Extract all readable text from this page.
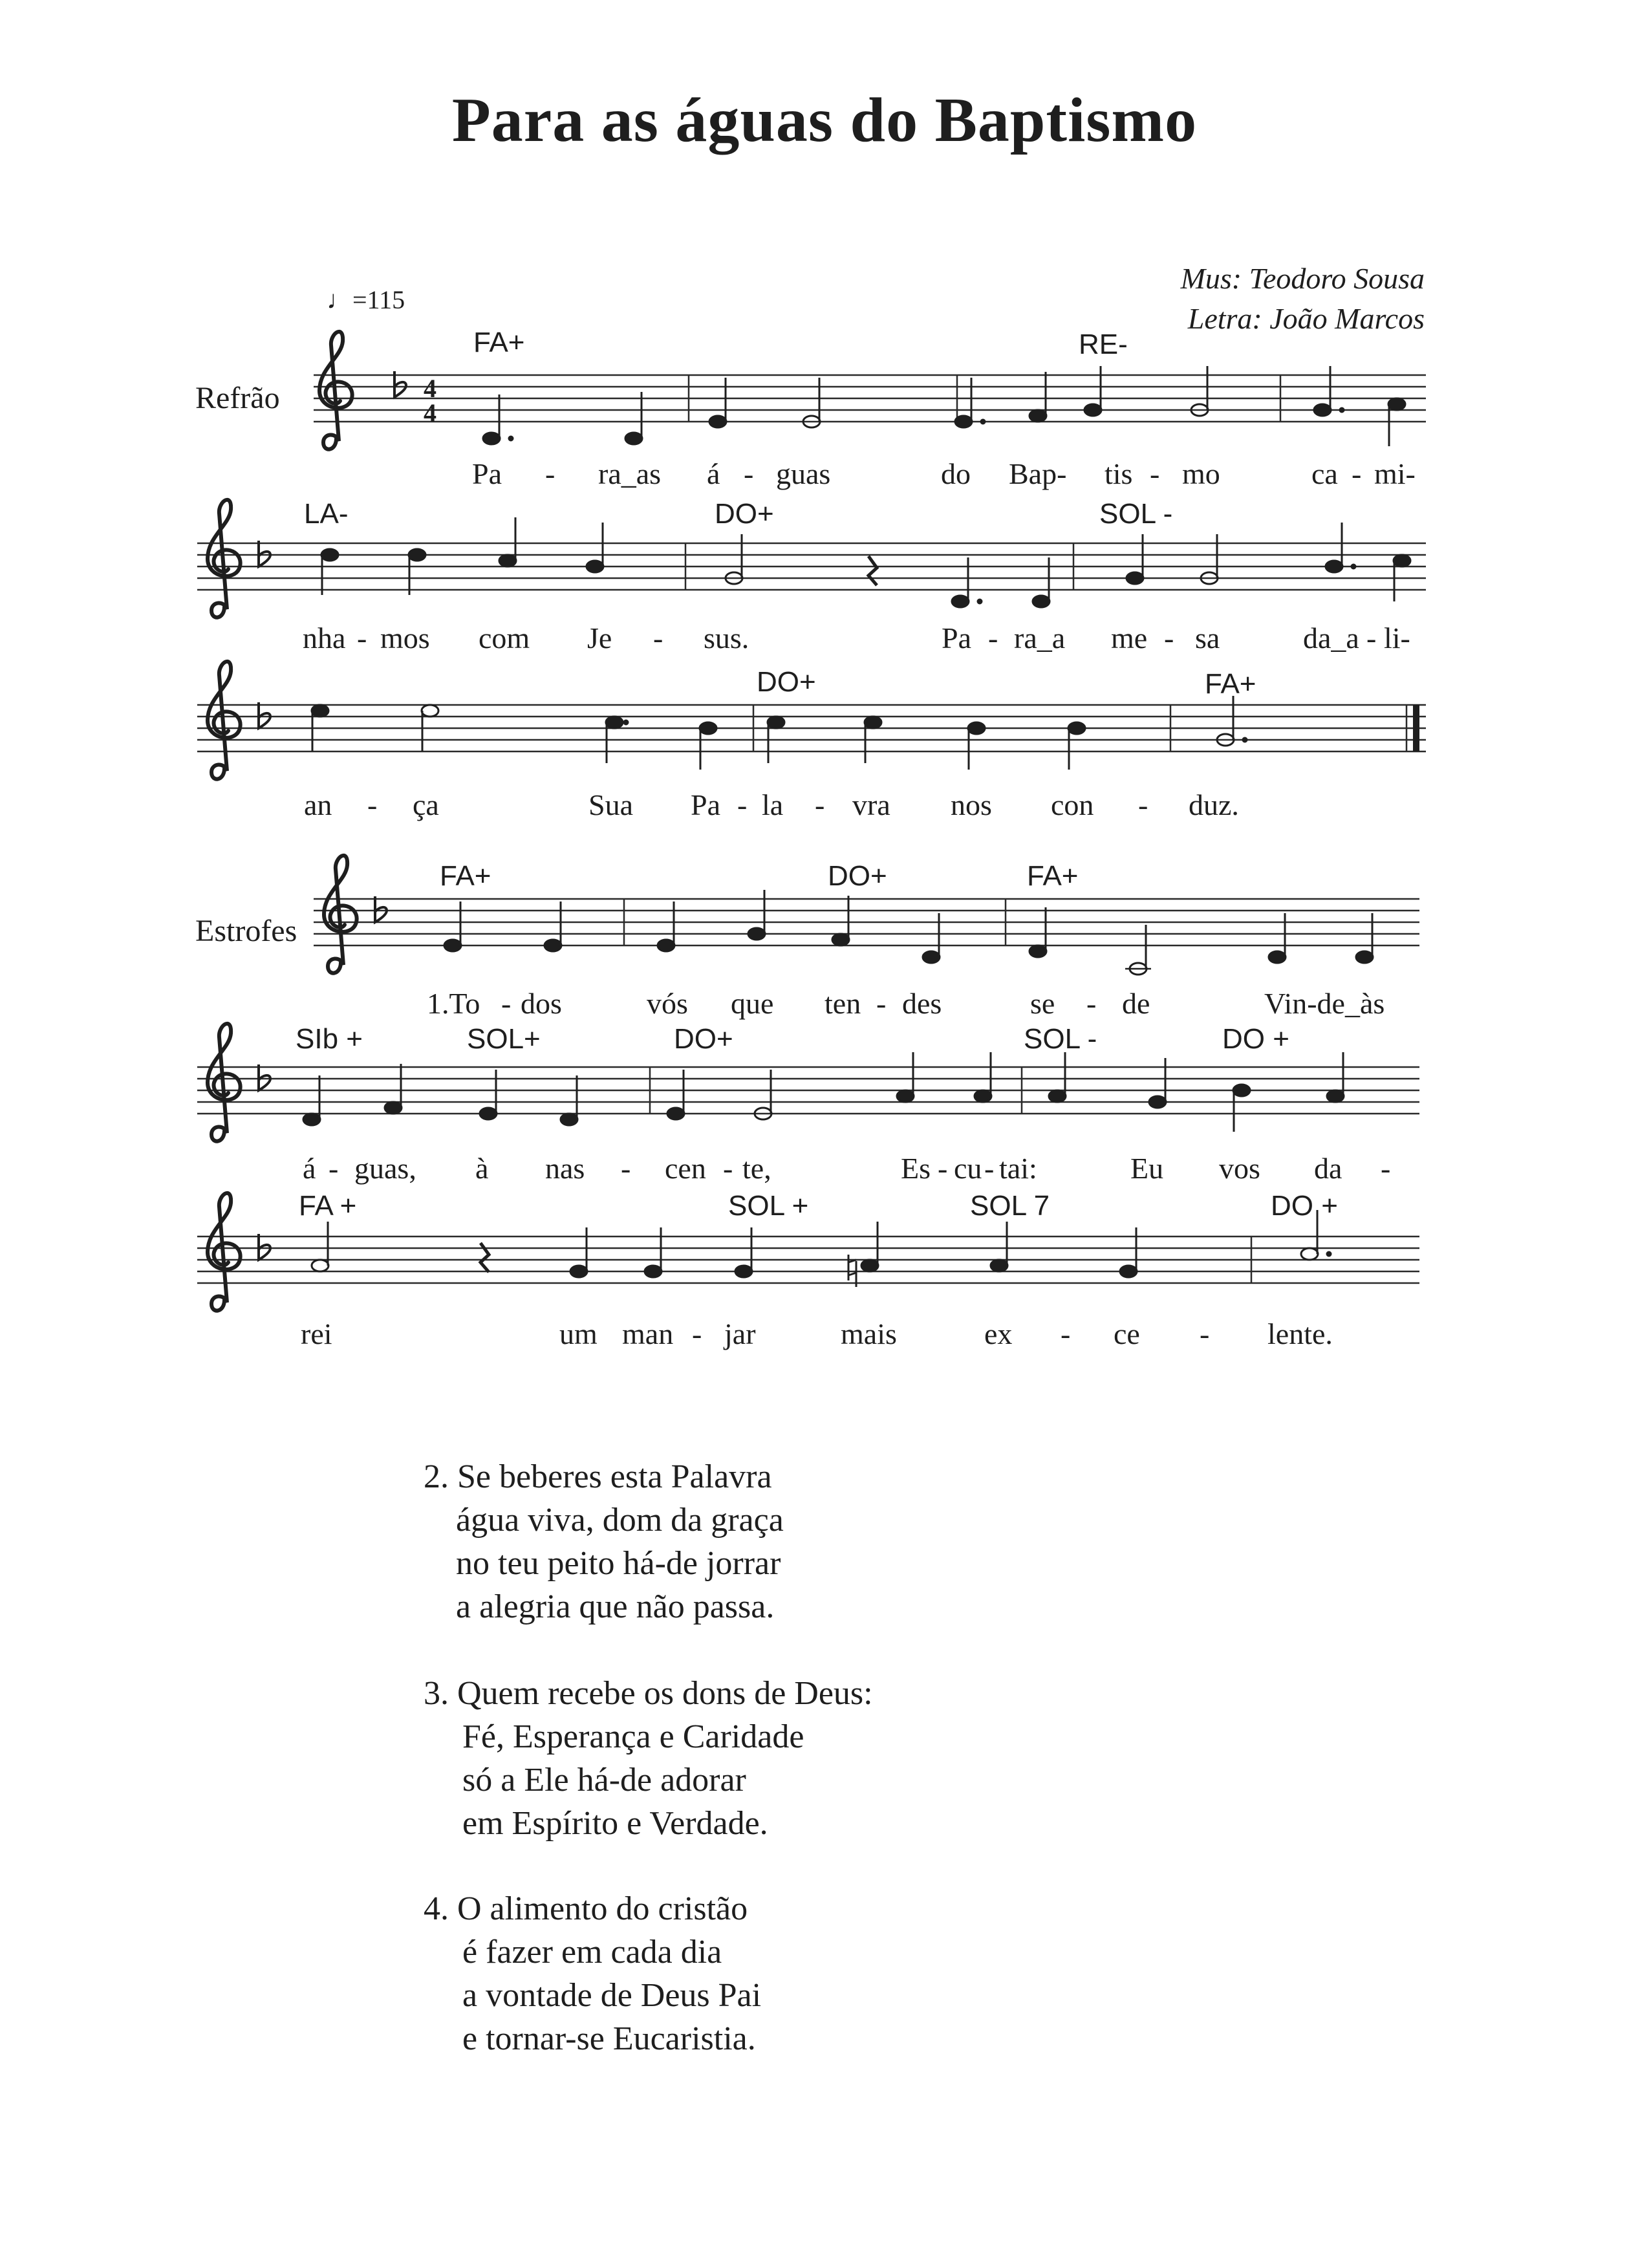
Para as águas do Baptismo
Mus: Teodoro Sousa
Letra: João Marcos
♩=115
Refrão
Estrofes
FA+	RE-
LA-	DO+	SOL -
DO+	FA+
FA+	DO+	FA+
SIb +	SOL+	DO+	SOL -	DO +
FA +	SOL +	SOL 7	DO +
Pa - ra_as á - guas	do Bap- tis - mo	ca - mi-
nha - mos com Je - sus.	Pa - ra_a me - sa	da_a - li-
an - ça	Sua Pa - la - vra nos con - duz.
1.To - dos	vós que ten - des	se - de	Vin-de_às
á - guas, à nas - cen - te,	Es - cu - tai:	Eu vos da -
rei	um man - jar	mais	ex - ce - lente.
4
4
2. Se beberes esta Palavra
água viva, dom da graça
no teu peito há-de jorrar
a alegria que não passa.
3. Quem recebe os dons de Deus:
Fé, Esperança e Caridade
só a Ele há-de adorar
em Espírito e Verdade.
4. O alimento do cristão
é fazer em cada dia
a vontade de Deus Pai
e tornar-se Eucaristia.
